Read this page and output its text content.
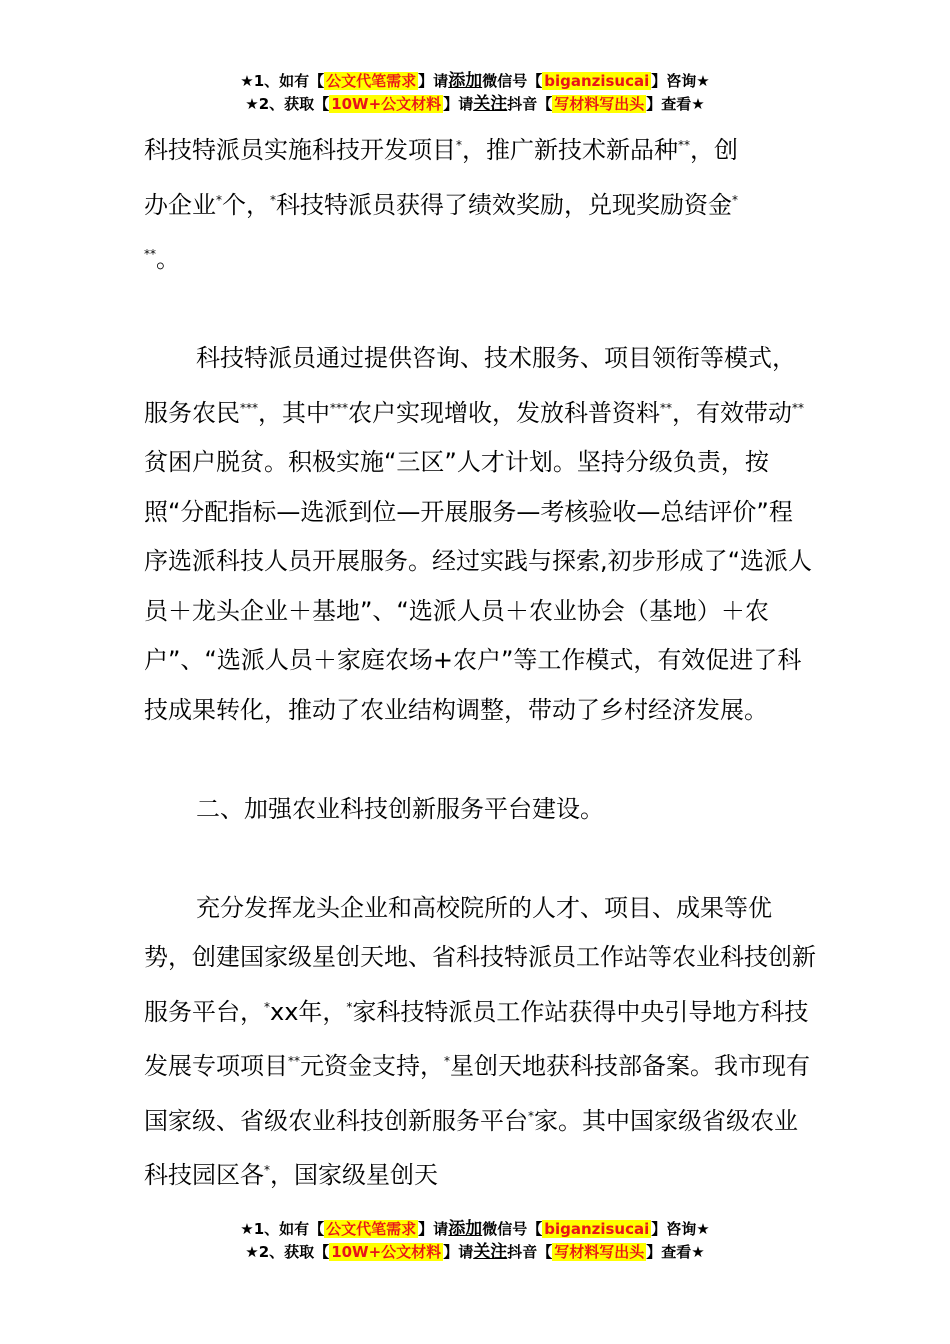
★1、如有【 公文代笔需求 】请添加微信号【 biganzisucai 】咨询★
★2、获取【 10W+公文材料 】请关注抖音【 写材料写出头 】查看★

科技特派员实施科技开发项目*，推广新技术新品种**，创
办企业*个，*科技特派员获得了绩效奖励，兑现奖励资金*
**。

科技特派员通过提供咨询、技术服务、项目领衔等模式，服务农民***，其中***农户实现增收，发放科普资料**，有效带动**贫困户脱贫。积极实施“三区”人才计划。坚持分级负责，按照“分配指标—选派到位—开展服务—考核验收—总结评价”程序选派科技人员开展服务。经过实践与探索,初步形成了“选派人员＋龙头企业＋基地”、“选派人员＋农业协会（基地）＋农户”、“选派人员＋家庭农场+农户”等工作模式，有效促进了科技成果转化，推动了农业结构调整，带动了乡村经济发展。

二、加强农业科技创新服务平台建设。

充分发挥龙头企业和高校院所的人才、项目、成果等优势，创建国家级星创天地、省科技特派员工作站等农业科技创新服务平台，*xx年，*家科技特派员工作站获得中央引导地方科技发展专项项目**元资金支持，*星创天地获科技部备案。我市现有国家级、省级农业科技创新服务平台*家。其中国家级省级农业科技园区各*，国家级星创天

★1、如有【 公文代笔需求 】请添加微信号【 biganzisucai 】咨询★
★2、获取【 10W+公文材料 】请关注抖音【 写材料写出头 】查看★
